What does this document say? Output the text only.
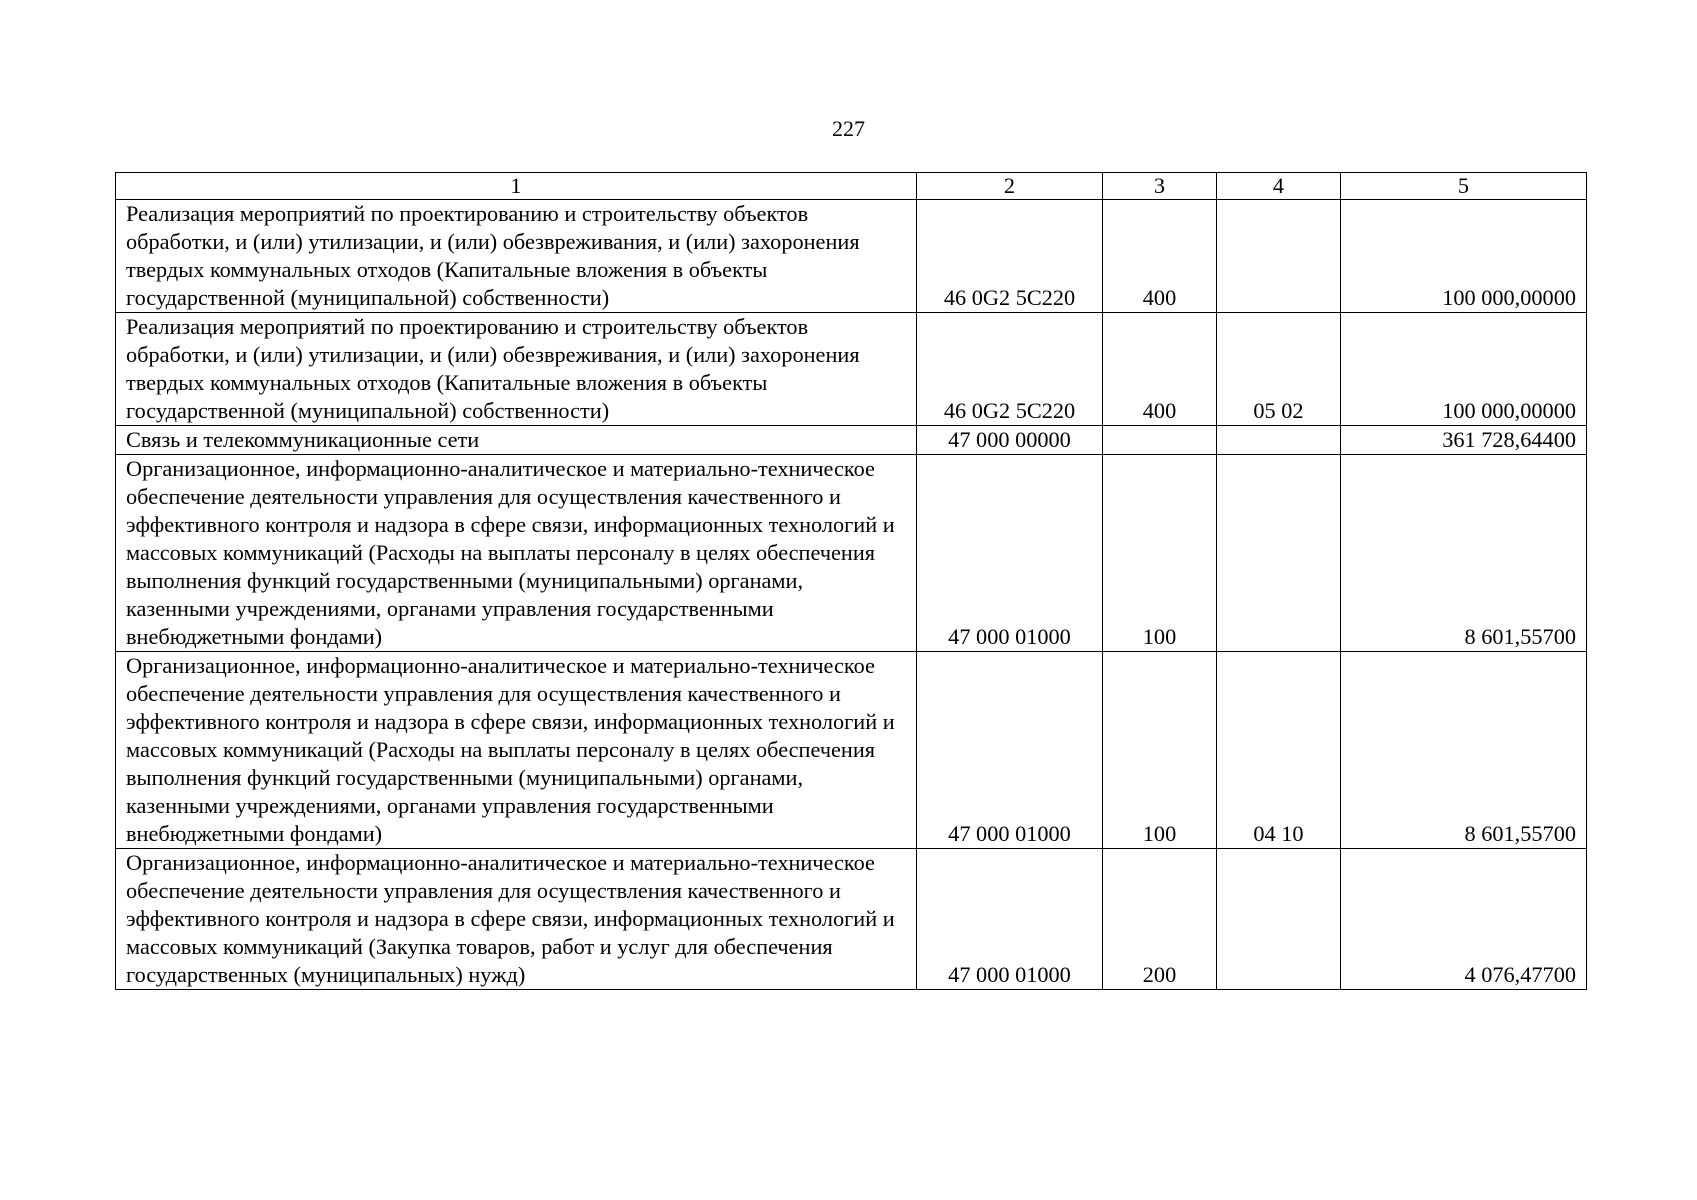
227
1	2	3	4	5
Реализация мероприятий по проектированию и строительству объектов обработки, и (или) утилизации, и (или) обезвреживания, и (или) захоронения твердых коммунальных отходов (Капитальные вложения в объекты государственной (муниципальной) собственности)	46 0G2 5C220	400		100 000,00000
Реализация мероприятий по проектированию и строительству объектов обработки, и (или) утилизации, и (или) обезвреживания, и (или) захоронения твердых коммунальных отходов (Капитальные вложения в объекты государственной (муниципальной) собственности)	46 0G2 5C220	400	05 02	100 000,00000
Связь и телекоммуникационные сети	47 000 00000			361 728,64400
Организационное, информационно-аналитическое и материально-техническое обеспечение деятельности управления для осуществления качественного и эффективного контроля и надзора в сфере связи, информационных технологий и массовых коммуникаций (Расходы на выплаты персоналу в целях обеспечения выполнения функций государственными (муниципальными) органами, казенными учреждениями, органами управления государственными внебюджетными фондами)	47 000 01000	100		8 601,55700
Организационное, информационно-аналитическое и материально-техническое обеспечение деятельности управления для осуществления качественного и эффективного контроля и надзора в сфере связи, информационных технологий и массовых коммуникаций (Расходы на выплаты персоналу в целях обеспечения выполнения функций государственными (муниципальными) органами, казенными учреждениями, органами управления государственными внебюджетными фондами)	47 000 01000	100	04 10	8 601,55700
Организационное, информационно-аналитическое и материально-техническое обеспечение деятельности управления для осуществления качественного и эффективного контроля и надзора в сфере связи, информационных технологий и массовых коммуникаций (Закупка товаров, работ и услуг для обеспечения государственных (муниципальных) нужд)	47 000 01000	200		4 076,47700
